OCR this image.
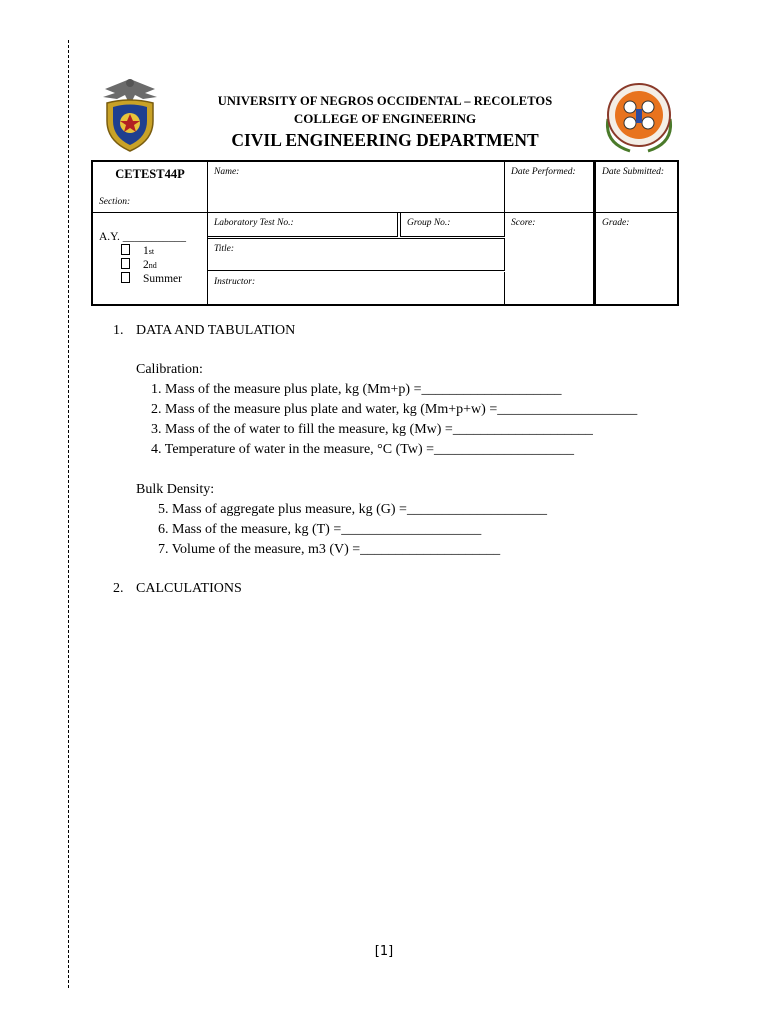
UNIVERSITY OF NEGROS OCCIDENTAL – RECOLETOS
COLLEGE OF ENGINEERING
CIVIL ENGINEERING DEPARTMENT
CETEST44P
Section:
Name:	Date Performed:	Date Submitted:
A.Y. ___________
1st
2nd
Summer
Laboratory Test No.:	Group No.:
Title:
Instructor:
Score:	Grade:
1. DATA AND TABULATION
Calibration:
1. Mass of the measure plus plate, kg (Mm+p) =____________________
2. Mass of the measure plus plate and water, kg (Mm+p+w) =____________________
3. Mass of the of water to fill the measure, kg (Mw) =____________________
4. Temperature of water in the measure, °C (Tw) =____________________
Bulk Density:
5. Mass of aggregate plus measure, kg (G) =____________________
6. Mass of the measure, kg (T) =____________________
7. Volume of the measure, m3 (V) =____________________
2. CALCULATIONS
[1]
